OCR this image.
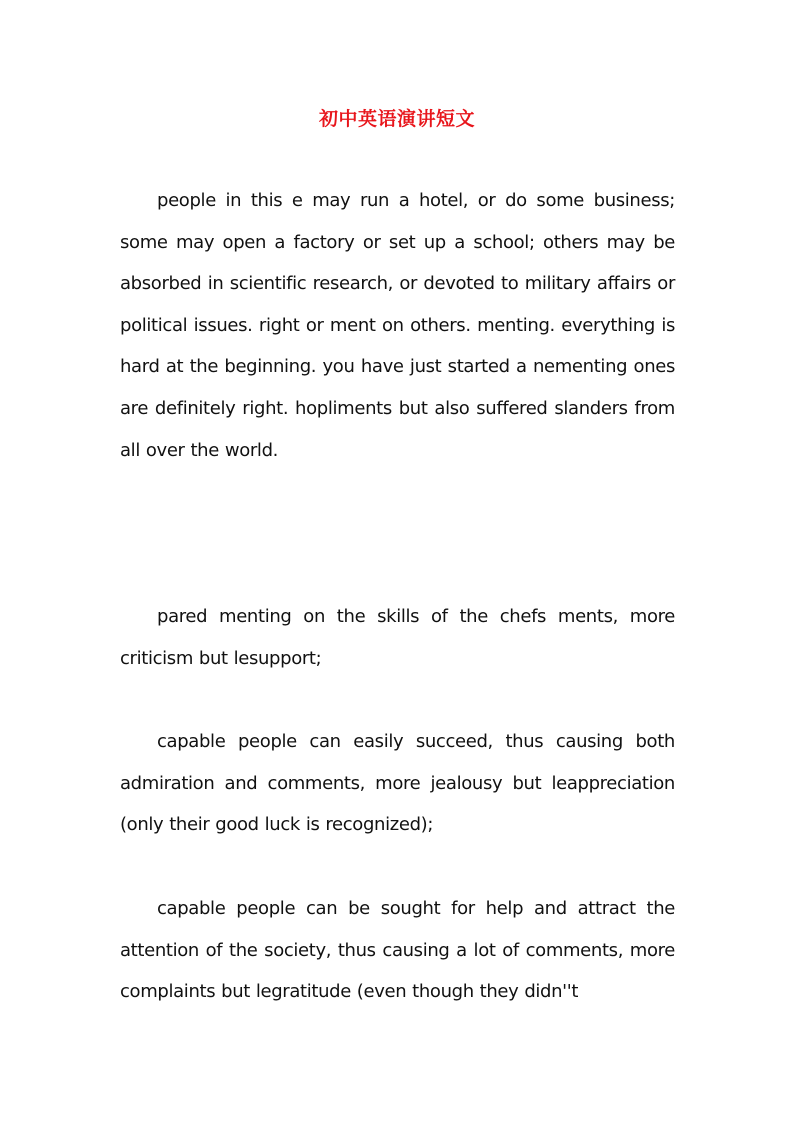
初中英语演讲短文

people in this e may run a hotel, or do some business; some may open a factory or set up a school; others may be absorbed in scientific research, or devoted to military affairs or political issues. right or ment on others. menting. everything is hard at the beginning. you have just started a nementing ones are definitely right. hopliments but also suffered slanders from all over the world.

pared menting on the skills of the chefs ments, more criticism but lesupport;

capable people can easily succeed, thus causing both admiration and comments, more jealousy but leappreciation (only their good luck is recognized);

capable people can be sought for help and attract the attention of the society, thus causing a lot of comments, more complaints but legratitude (even though they didn''t
